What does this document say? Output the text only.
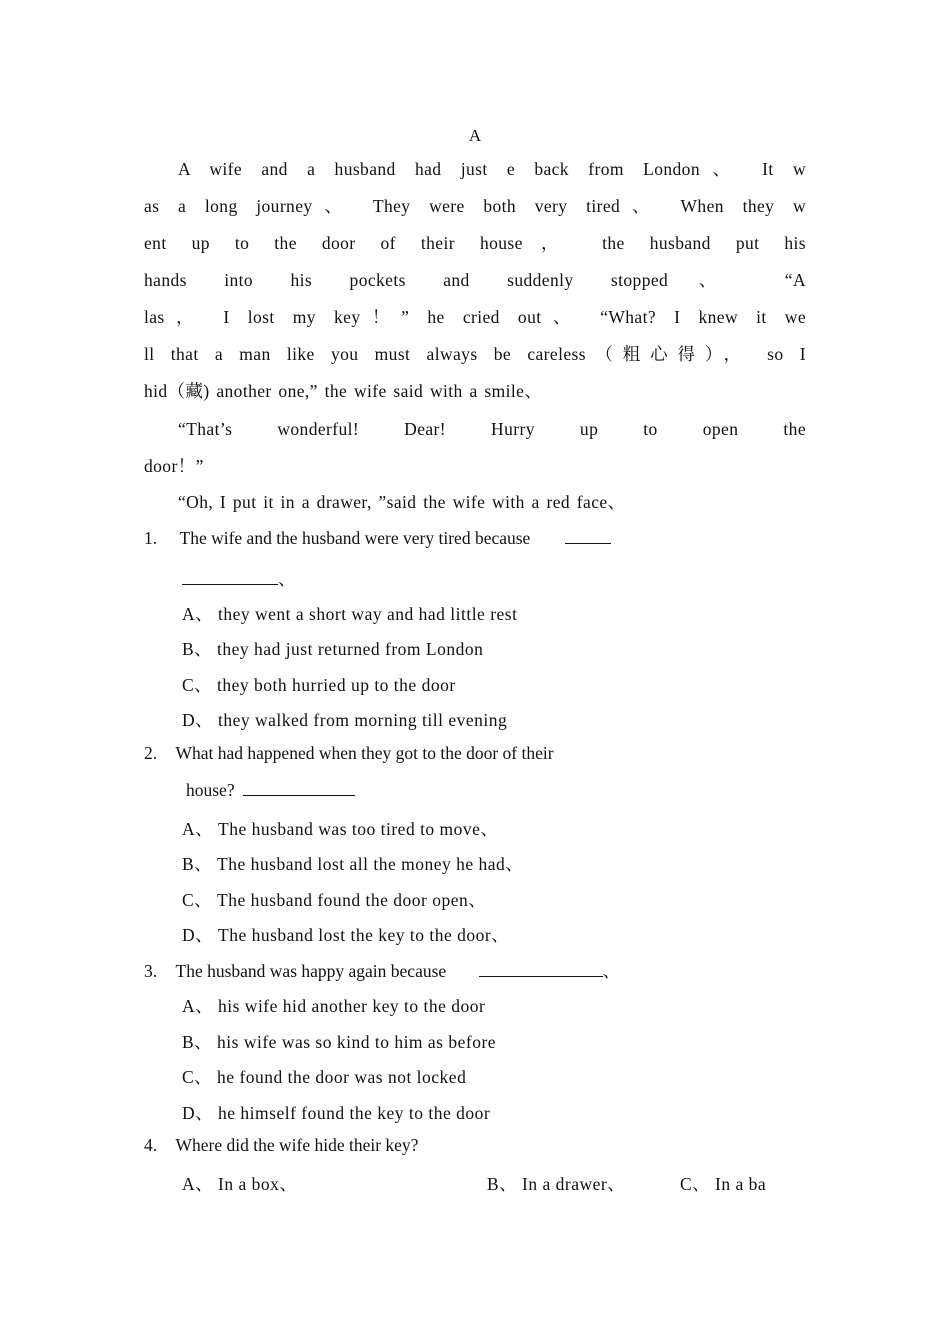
A
A wife and a husband had just e back from London、 It w
as a long journey、 They were both very tired、 When they w
ent up to the door of their house， the husband put his
hands into his pockets and suddenly stopped、 “A
las， I lost my key！” he cried out、 “What? I knew it we
ll that a man like you must always be careless（粗心得）， so I
hid（藏) another one,” the wife said with a smile、
“That’s wonderful! Dear! Hurry up to open the
door！”
“Oh, I put it in a drawer, ”said the wife with a red face、
1. The wife and the husband were very tired because
、
A、 they went a short way and had little rest
B、 they had just returned from London
C、 they both hurried up to the door
D、 they walked from morning till evening
2. What had happened when they got to the door of their
house?
A、 The husband was too tired to move、
B、 The husband lost all the money he had、
C、 The husband found the door open、
D、 The husband lost the key to the door、
3. The husband was happy again because	、
A、 his wife hid another key to the door
B、 his wife was so kind to him as before
C、 he found the door was not locked
D、 he himself found the key to the door
4. Where did the wife hide their key?
A、 In a box、	B、 In a drawer、	C、 In a ba
